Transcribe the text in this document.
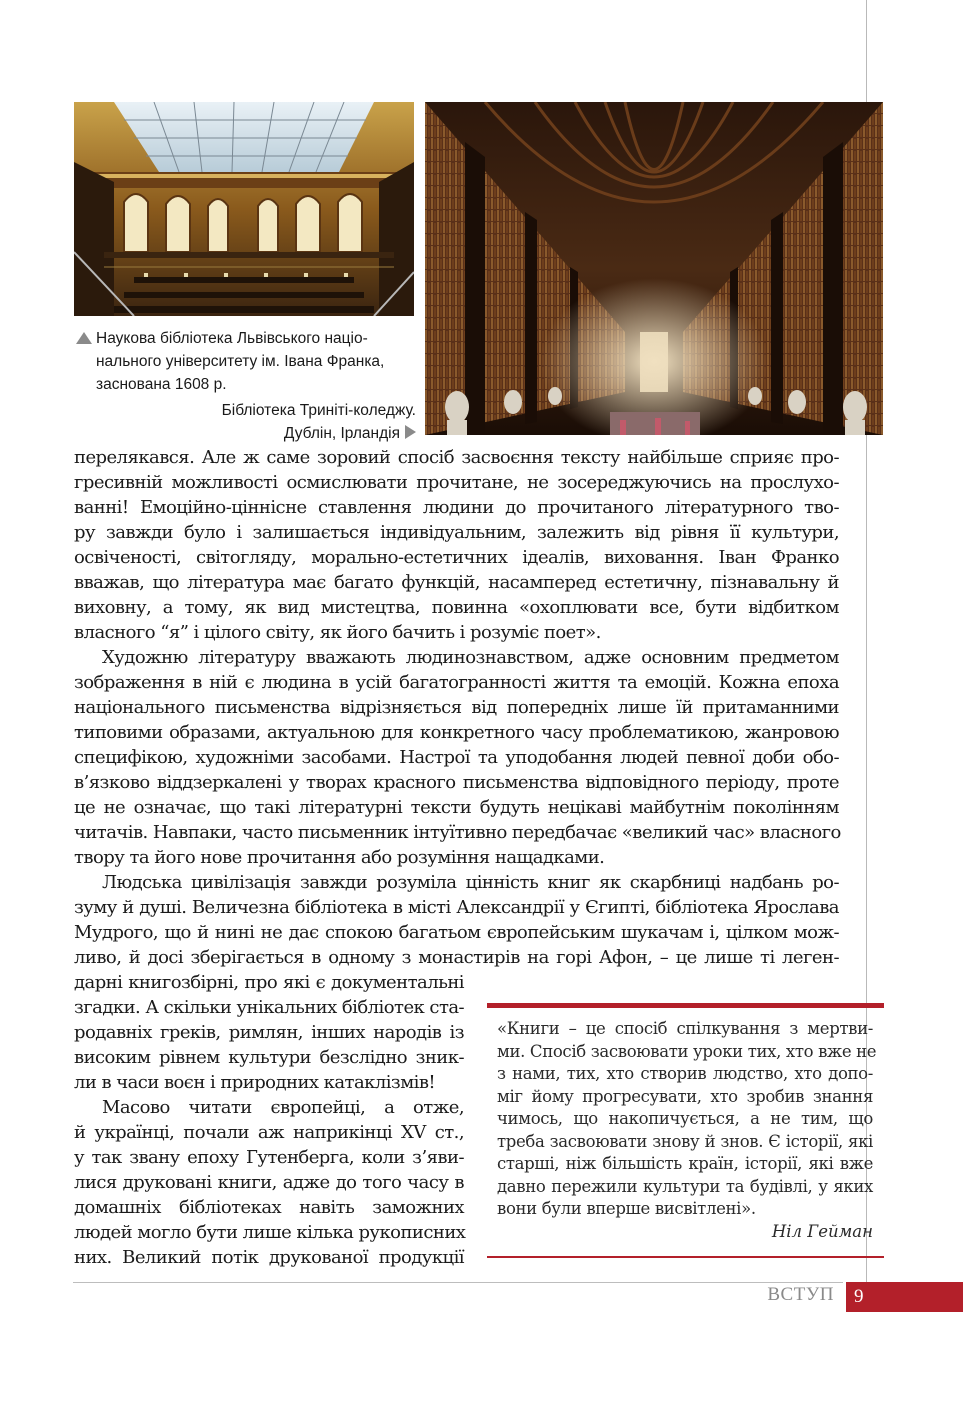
Наукова бібліотека Львівського націо-
нального університету ім. Івана Франка,
заснована 1608 р.
Бібліотека Триніті-коледжу.
Дублін, Ірландія

перелякався. Але ж саме зоровий спосіб засвоєння тексту найбільше сприяє про-
гресивній можливості осмислювати прочитане, не зосереджуючись на прослухо-
ванні! Емоційно-ціннісне ставлення людини до прочитаного літературного тво-
ру завжди було і залишається індивідуальним, залежить від рівня її культури,
освіченості, світогляду, морально-естетичних ідеалів, виховання. Іван Франко
вважав, що література має багато функцій, насамперед естетичну, пізнавальну й
виховну, а тому, як вид мистецтва, повинна «охоплювати все, бути відбитком
власного “я” і цілого світу, як його бачить і розуміє поет».

Художню літературу вважають людинознавством, адже основним предметом
зображення в ній є людина в усій багатогранності життя та емоцій. Кожна епоха
національного письменства відрізняється від попередніх лише їй притаманними
типовими образами, актуальною для конкретного часу проблематикою, жанровою
специфікою, художніми засобами. Настрої та уподобання людей певної доби обо-
в’язково віддзеркалені у творах красного письменства відповідного періоду, проте
це не означає, що такі літературні тексти будуть нецікаві майбутнім поколінням
читачів. Навпаки, часто письменник інтуїтивно передбачає «великий час» власного
твору та його нове прочитання або розуміння нащадками.

Людська цивілізація завжди розуміла цінність книг як скарбниці надбань ро-
зуму й душі. Величезна бібліотека в місті Александрії у Єгипті, бібліотека Ярослава
Мудрого, що й нині не дає спокою багатьом європейським шукачам і, цілком мож-
ливо, й досі зберігається в одному з монастирів на горі Афон, – це лише ті леген-

дарні книгозбірні, про які є документальні
згадки. А скільки унікальних бібліотек ста-
родавніх греків, римлян, інших народів із
високим рівнем культури безслідно зник-
ли в часи воєн і природних катаклізмів!
Масово читати європейці, а отже,
й українці, почали аж наприкінці XV ст.,
у так звану епоху Гутенберга, коли з’яви-
лися друковані книги, адже до того часу в
домашніх бібліотеках навіть заможних
людей могло бути лише кілька рукописних
них. Великий потік друкованої продукції
«Книги – це спосіб спілкування з мертви-
ми. Спосіб засвоювати уроки тих, хто вже не
з нами, тих, хто створив людство, хто допо-
міг йому прогресувати, хто зробив знання
чимось, що накопичується, а не тим, що
треба засвоювати знову й знов. Є історії, які
старші, ніж більшість країн, історії, які вже
давно пережили культури та будівлі, у яких
вони були вперше висвітлені».
Ніл Гейман
ВСТУП	9
